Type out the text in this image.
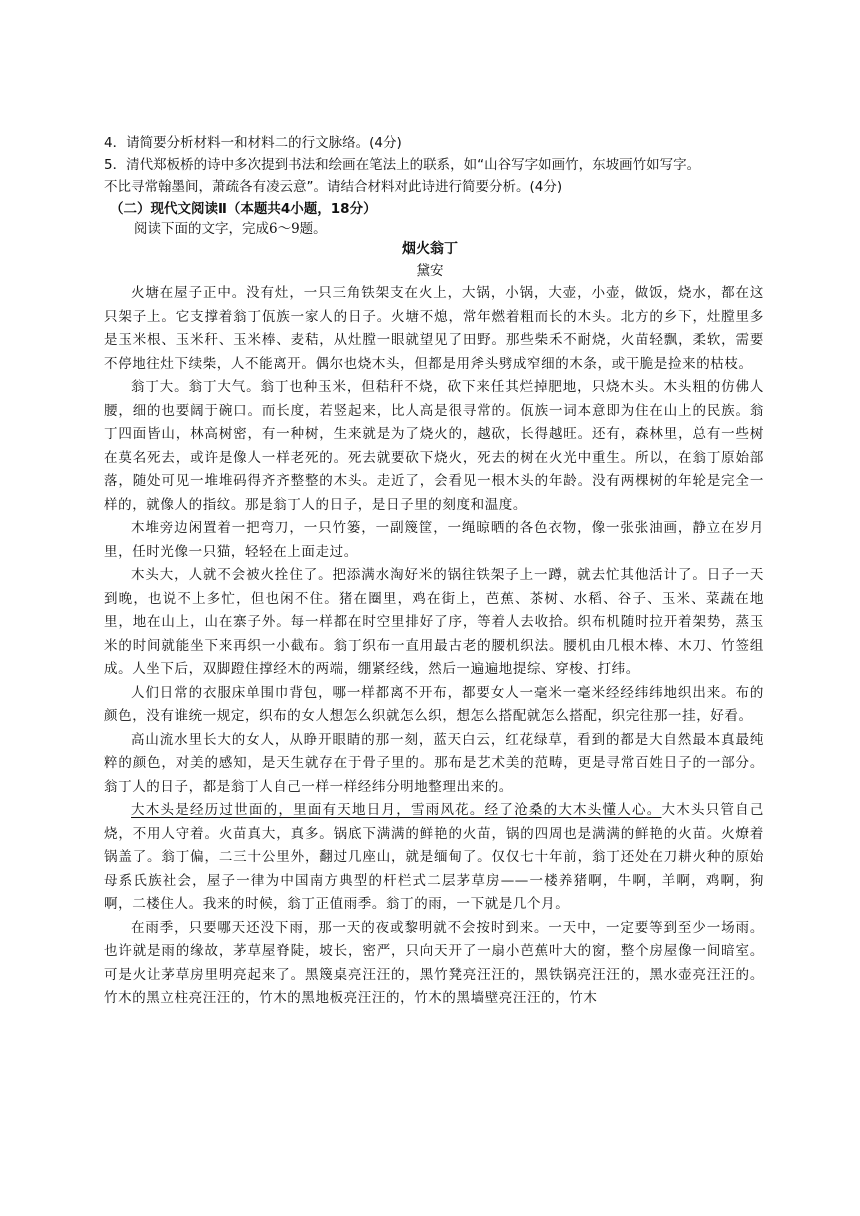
4．请简要分析材料一和材料二的行文脉络。(4分)
5．清代郑板桥的诗中多次提到书法和绘画在笔法上的联系，如“山谷写字如画竹，东坡画竹如写字。
不比寻常翰墨间，萧疏各有凌云意”。请结合材料对此诗进行简要分析。(4分)
（二）现代文阅读Ⅱ（本题共4小题，18分）
阅读下面的文字，完成6～9题。
烟火翁丁
黛安

火塘在屋子正中。没有灶，一只三角铁架支在火上，大锅，小锅，大壶，小壶，做饭，烧水，都在这只架子上。它支撑着翁丁佤族一家人的日子。火塘不熄，常年燃着粗而长的木头。北方的乡下，灶膛里多是玉米根、玉米秆、玉米棒、麦秸，从灶膛一眼就望见了田野。那些柴禾不耐烧，火苗轻飘，柔软，需要不停地往灶下续柴，人不能离开。偶尔也烧木头，但都是用斧头劈成窄细的木条，或干脆是捡来的枯枝。

翁丁大。翁丁大气。翁丁也种玉米，但秸秆不烧，砍下来任其烂掉肥地，只烧木头。木头粗的仿佛人腰，细的也要阔于碗口。而长度，若竖起来，比人高是很寻常的。佤族一词本意即为住在山上的民族。翁丁四面皆山，林高树密，有一种树，生来就是为了烧火的，越砍，长得越旺。还有，森林里，总有一些树在莫名死去，或许是像人一样老死的。死去就要砍下烧火，死去的树在火光中重生。所以，在翁丁原始部落，随处可见一堆堆码得齐齐整整的木头。走近了，会看见一根木头的年龄。没有两棵树的年轮是完全一样的，就像人的指纹。那是翁丁人的日子，是日子里的刻度和温度。

木堆旁边闲置着一把弯刀，一只竹篓，一副篾筐，一绳晾晒的各色衣物，像一张张油画，静立在岁月里，任时光像一只猫，轻轻在上面走过。

木头大，人就不会被火拴住了。把添满水淘好米的锅往铁架子上一蹲，就去忙其他活计了。日子一天到晚，也说不上多忙，但也闲不住。猪在圈里，鸡在街上，芭蕉、茶树、水稻、谷子、玉米、菜蔬在地里，地在山上，山在寨子外。每一样都在时空里排好了序，等着人去收拾。织布机随时拉开着架势，蒸玉米的时间就能坐下来再织一小截布。翁丁织布一直用最古老的腰机织法。腰机由几根木棒、木刀、竹签组成。人坐下后，双脚蹬住撑经木的两端，绷紧经线，然后一遍遍地提综、穿梭、打纬。

人们日常的衣服床单围巾背包，哪一样都离不开布，都要女人一毫米一毫米经经纬纬地织出来。布的颜色，没有谁统一规定，织布的女人想怎么织就怎么织，想怎么搭配就怎么搭配，织完往那一挂，好看。

高山流水里长大的女人，从睁开眼睛的那一刻，蓝天白云，红花绿草，看到的都是大自然最本真最纯粹的颜色，对美的感知，是天生就存在于骨子里的。那布是艺术美的范畴，更是寻常百姓日子的一部分。翁丁人的日子，都是翁丁人自己一样一样经纬分明地整理出来的。

大木头是经历过世面的，里面有天地日月，雪雨风花。经了沧桑的大木头懂人心。大木头只管自己烧，不用人守着。火苗真大，真多。锅底下满满的鲜艳的火苗，锅的四周也是满满的鲜艳的火苗。火燎着锅盖了。翁丁偏，二三十公里外，翻过几座山，就是缅甸了。仅仅七十年前，翁丁还处在刀耕火种的原始母系氏族社会，屋子一律为中国南方典型的杆栏式二层茅草房——一楼养猪啊，牛啊，羊啊，鸡啊，狗啊，二楼住人。我来的时候，翁丁正值雨季。翁丁的雨，一下就是几个月。

在雨季，只要哪天还没下雨，那一天的夜或黎明就不会按时到来。一天中，一定要等到至少一场雨。也许就是雨的缘故，茅草屋脊陡，坡长，密严，只向天开了一扇小芭蕉叶大的窗，整个房屋像一间暗室。可是火让茅草房里明亮起来了。黑篾桌亮汪汪的，黑竹凳亮汪汪的，黑铁锅亮汪汪的，黑水壶亮汪汪的。竹木的黑立柱亮汪汪的，竹木的黑地板亮汪汪的，竹木的黑墙壁亮汪汪的，竹木
